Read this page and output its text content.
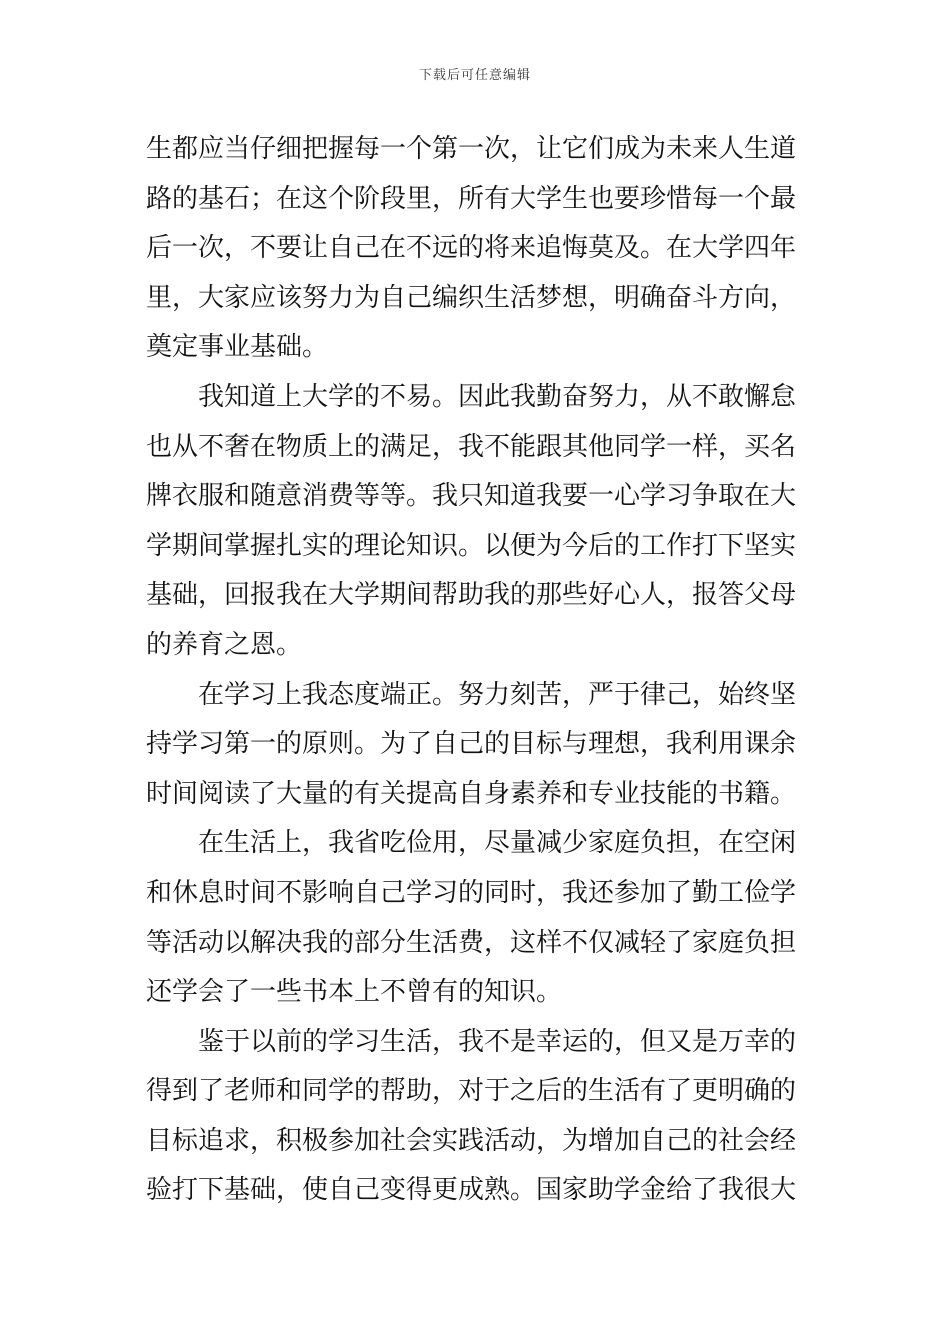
下载后可任意编辑
生都应当仔细把握每一个第一次，让它们成为未来人生道
路的基石；在这个阶段里，所有大学生也要珍惜每一个最
后一次，不要让自己在不远的将来追悔莫及。在大学四年
里，大家应该努力为自己编织生活梦想，明确奋斗方向，
奠定事业基础。
我知道上大学的不易。因此我勤奋努力，从不敢懈怠
也从不奢在物质上的满足，我不能跟其他同学一样，买名
牌衣服和随意消费等等。我只知道我要一心学习争取在大
学期间掌握扎实的理论知识。以便为今后的工作打下坚实
基础，回报我在大学期间帮助我的那些好心人，报答父母
的养育之恩。
在学习上我态度端正。努力刻苦，严于律己，始终坚
持学习第一的原则。为了自己的目标与理想，我利用课余
时间阅读了大量的有关提高自身素养和专业技能的书籍。
在生活上，我省吃俭用，尽量减少家庭负担，在空闲
和休息时间不影响自己学习的同时，我还参加了勤工俭学
等活动以解决我的部分生活费，这样不仅减轻了家庭负担
还学会了一些书本上不曾有的知识。
鉴于以前的学习生活，我不是幸运的，但又是万幸的
得到了老师和同学的帮助，对于之后的生活有了更明确的
目标追求，积极参加社会实践活动，为增加自己的社会经
验打下基础，使自己变得更成熟。国家助学金给了我很大
